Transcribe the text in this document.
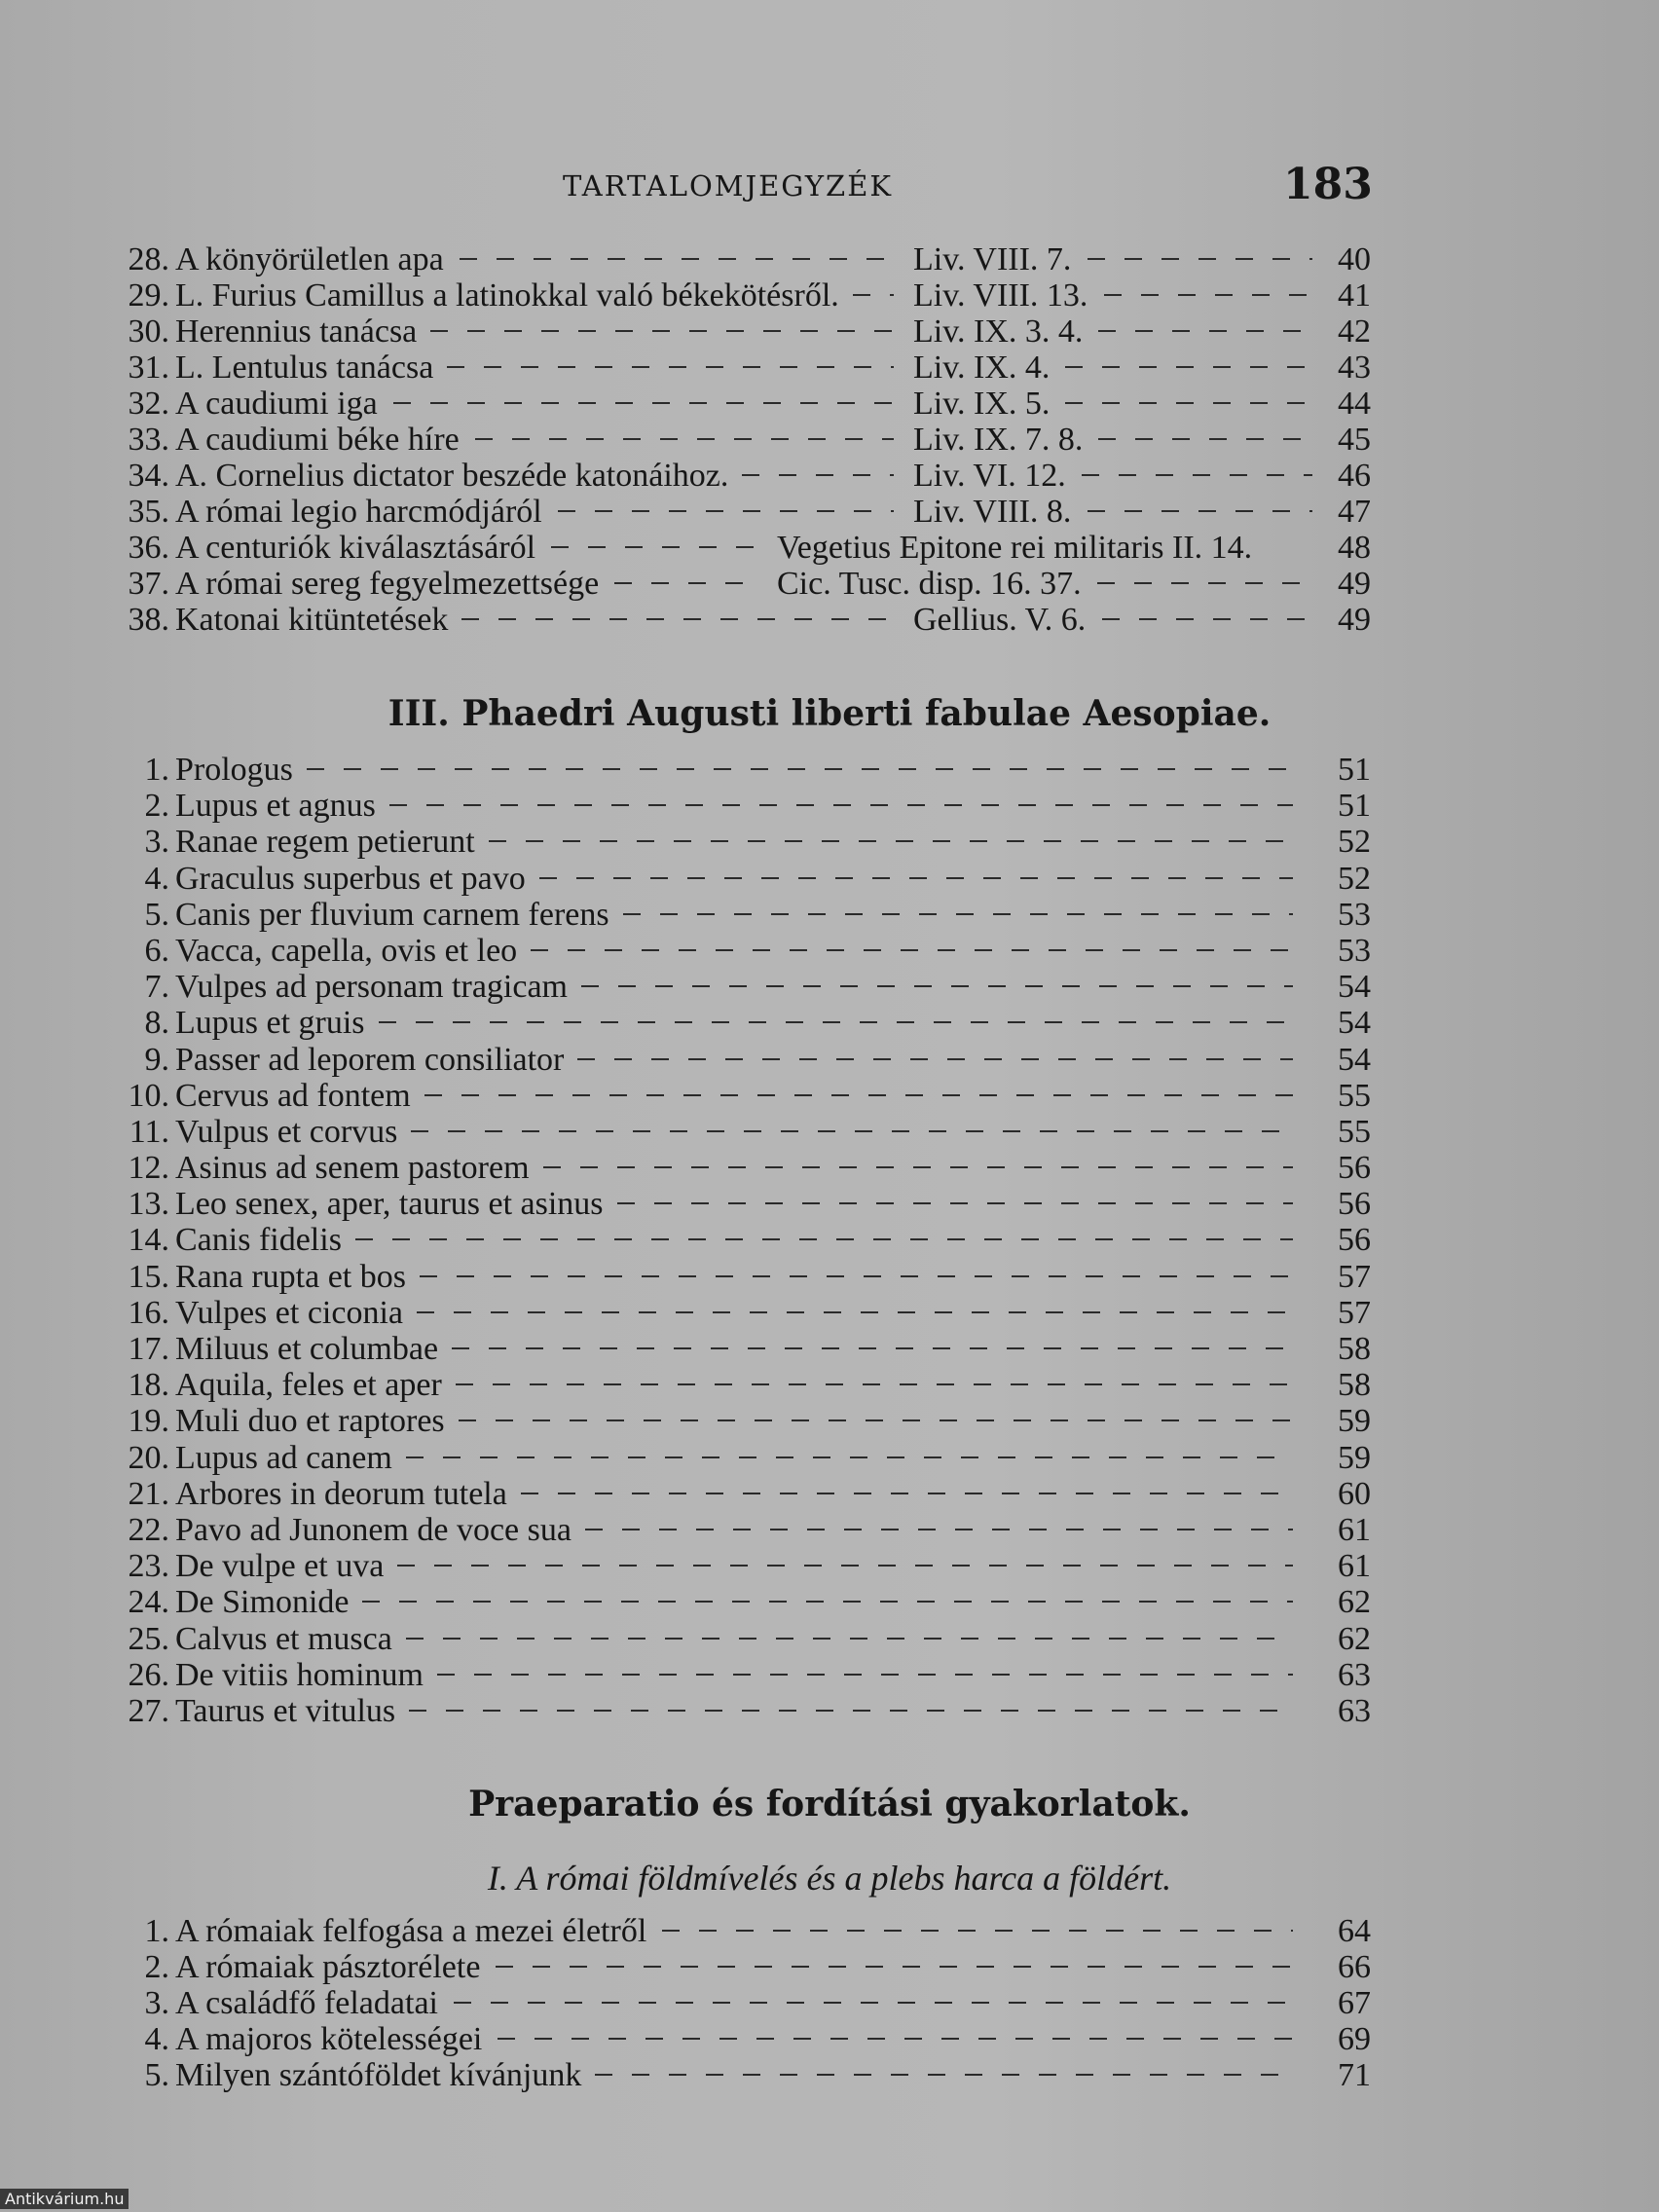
TARTALOMJEGYZÉK	183
28. A könyörületlen apa	Liv. VIII. 7.	40
29. L. Furius Camillus a latinokkal való békekötésről. Liv. VIII. 13.	41
30. Herennius tanácsa	Liv. IX. 3. 4.	42
31. L. Lentulus tanácsa	Liv. IX. 4.	43
32. A caudiumi iga	Liv. IX. 5.	44
33. A caudiumi béke híre	Liv. IX. 7. 8.	45
34. A. Cornelius dictator beszéde katonáihoz.	Liv. VI. 12.	46
35. A római legio harcmódjáról	Liv. VIII. 8.	47
36. A centuriók kiválasztásáról	Vegetius Epitone rei militaris II. 14.	48
37. A római sereg fegyelmezettsége	Cic. Tusc. disp. 16. 37.	49
38. Katonai kitüntetések	Gellius. V. 6.	49
III. Phaedri Augusti liberti fabulae Aesopiae.
1. Prologus	51
2. Lupus et agnus	51
3. Ranae regem petierunt	52
4. Graculus superbus et pavo	52
5. Canis per fluvium carnem ferens	53
6. Vacca, capella, ovis et leo	53
7. Vulpes ad personam tragicam	54
8. Lupus et gruis	54
9. Passer ad leporem consiliator	54
10. Cervus ad fontem	55
11. Vulpus et corvus	55
12. Asinus ad senem pastorem	56
13. Leo senex, aper, taurus et asinus	56
14. Canis fidelis	56
15. Rana rupta et bos	57
16. Vulpes et ciconia	57
17. Miluus et columbae	58
18. Aquila, feles et aper	58
19. Muli duo et raptores	59
20. Lupus ad canem	59
21. Arbores in deorum tutela	60
22. Pavo ad Junonem de voce sua	61
23. De vulpe et uva	61
24. De Simonide	62
25. Calvus et musca	62
26. De vitiis hominum	63
27. Taurus et vitulus	63
Praeparatio és fordítási gyakorlatok.
I. A római földmívelés és a plebs harca a földért.
1. A rómaiak felfogása a mezei életről	64
2. A rómaiak pásztorélete	66
3. A családfő feladatai	67
4. A majoros kötelességei	69
5. Milyen szántóföldet kívánjunk	71
Antikvárium.hu
